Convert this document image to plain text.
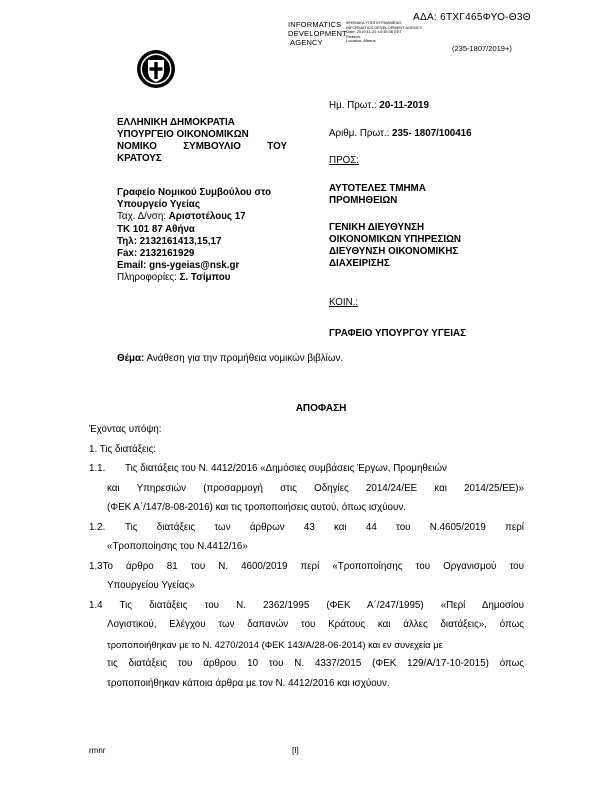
ΑΔΑ: 6ΤΧΓ465ΦΥΟ-Θ3Θ
INFORMATICS
DEVELOPMENT
AGENCY
ΨΗΦΙΑΚΑ ΥΠΟΓΕΓΡΑΜΜΕΝΟ
INFORMATICS DEVELOPMENT AGENCY
Date: 2019.11.20 10:45:06 EET
Reason:
Location: Athens
(235-1807/2019+)
ΕΛΛΗΝΙΚΗ ΔΗΜΟΚΡΑΤΙΑ
ΥΠΟΥΡΓΕΙΟ ΟΙΚΟΝΟΜΙΚΩΝ
ΝΟΜΙΚΟ	ΣΥΜΒΟΥΛΙΟ	ΤΟΥ
ΚΡΑΤΟΥΣ
Γραφείο Νομικού Συμβούλου στο
Υπουργείο Υγείας
Ταχ. Δ/νση: Αριστοτέλους 17
ΤΚ 101 87 Αθήνα
Τηλ: 2132161413,15,17
Fax: 2132161929
Email: gns-ygeias@nsk.gr
Πληροφορίες: Σ. Τσίμπου
Ημ. Πρωτ.: 20-11-2019
Αριθμ. Πρωτ.: 235- 1807/100416
ΠΡΟΣ:
ΑΥΤΟΤΕΛΕΣ ΤΜΗΜΑ
ΠΡΟΜΗΘΕΙΩΝ
ΓΕΝΙΚΗ ΔΙΕΥΘΥΝΣΗ
ΟΙΚΟΝΟΜΙΚΩΝ ΥΠΗΡΕΣΙΩΝ
ΔΙΕΥΘΥΝΣΗ ΟΙΚΟΝΟΜΙΚΗΣ
ΔΙΑΧΕΙΡΙΣΗΣ
ΚΟΙΝ.:
ΓΡΑΦΕΙΟ ΥΠΟΥΡΓΟΥ ΥΓΕΙΑΣ
Θέμα: Ανάθεση για την προμήθεια νομικών βιβλίων.
ΑΠΟΦΑΣΗ
Έχοντας υπόψη:
1. Τις διατάξεις:
1.1.	Τις διατάξεις του Ν. 4412/2016 «Δημόσιες συμβάσεις Έργων, Προμηθειών
και Υπηρεσιών (προσαρμογή στις Οδηγίες 2014/24/ΕΕ και 2014/25/ΕΕ)»
(ΦΕΚ Α΄/147/8-08-2016) και τις τροποποιήσεις αυτού, όπως ισχύουν.
1.2.	Τις διατάξεις των άρθρων 43 και 44 του Ν.4605/2019 περί
«Τροποποίησης του Ν.4412/16»
1.3Το άρθρο 81 του Ν. 4600/2019 περί «Τροποποίησης του Οργανισμού του
Υπουργείου Υγείας»
1.4 Τις διατάξεις του Ν. 2362/1995 (ΦΕΚ Α΄/247/1995) «Περί Δημοσίου
Λογιστικού, Ελέγχου των δαπανών του Κράτους και άλλες διατάξεις», όπως
τροποποιήθηκαν με το Ν. 4270/2014 (ΦΕΚ 143/Α/28-06-2014) και εν συνεχεία με
τις διατάξεις του άρθρου 10 του Ν. 4337/2015 (ΦΕΚ 129/Α/17-10-2015) όπως
τροποποιήθηκαν κάποια άρθρα με τον Ν. 4412/2016 και ισχύουν.
rmnr	[I]
